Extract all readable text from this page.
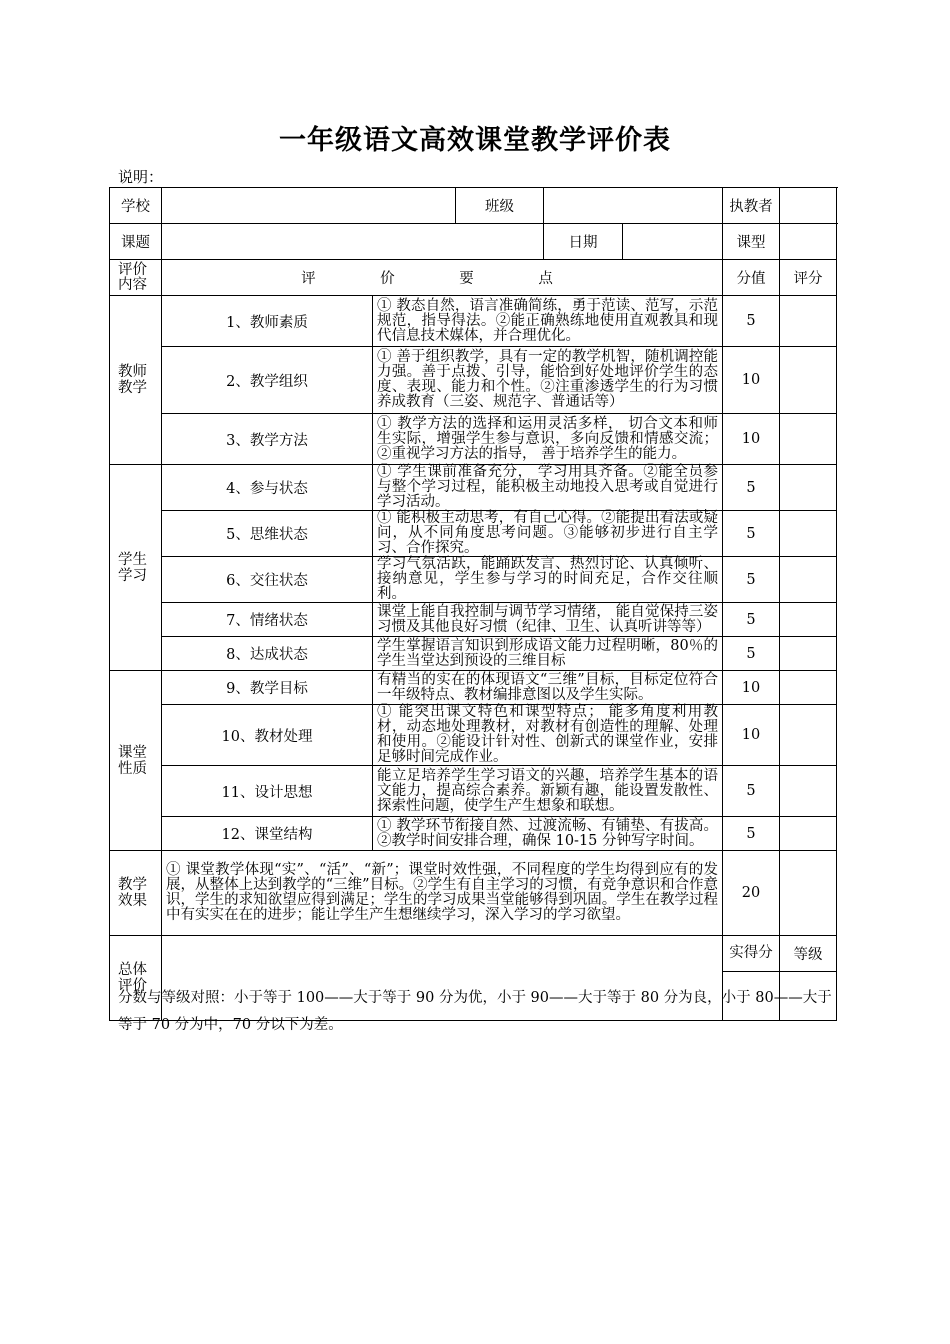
一年级语文高效课堂教学评价表
说明：
学校			班级			执教者	
课题				日期		课型	
评价内容	评 价 要 点					分值	评分
教师教学	1、教师素质	① 教态自然，语言准确简练，勇于范读、范写，示范规范，指导得法。②能正确熟练地使用直观教具和现代信息技术媒体，并合理优化。				5	
	2、教学组织	① 善于组织教学，具有一定的教学机智，随机调控能力强。善于点拨、引导，能恰到好处地评价学生的态度、表现、能力和个性。②注重渗透学生的行为习惯养成教育（三姿、规范字、普通话等）				10	
	3、教学方法	① 教学方法的选择和运用灵活多样， 切合文本和师生实际，增强学生参与意识，多向反馈和情感交流；②重视学习方法的指导， 善于培养学生的能力。				10	
学生学习	4、参与状态	① 学生课前准备充分， 学习用具齐备。②能全员参与整个学习过程，能积极主动地投入思考或自觉进行学习活动。				5	
	5、思维状态	① 能积极主动思考，有自己心得。②能提出看法或疑问，从不同角度思考问题。③能够初步进行自主学习、合作探究。				5	
	6、交往状态	学习气氛活跃，能踊跃发言、热烈讨论、认真倾听、接纳意见，学生参与学习的时间充足，合作交往顺利。				5	
	7、情绪状态	课堂上能自我控制与调节学习情绪， 能自觉保持三姿习惯及其他良好习惯（纪律、卫生、认真听讲等等）				5	
	8、达成状态	学生掌握语言知识到形成语文能力过程明晰，80％的学生当堂达到预设的三维目标				5	
课堂性质	9、教学目标	有精当的实在的体现语文“三维”目标，目标定位符合一年级特点、教材编排意图以及学生实际。				10	
	10、教材处理	① 能突出课文特色和课型特点； 能多角度利用教材，动态地处理教材，对教材有创造性的理解、处理和使用。②能设计针对性、创新式的课堂作业，安排足够时间完成作业。				10	
	11、设计思想	能立足培养学生学习语文的兴趣，培养学生基本的语文能力，提高综合素养。新颖有趣，能设置发散性、探索性问题，使学生产生想象和联想。				5	
	12、课堂结构	① 教学环节衔接自然、过渡流畅、有铺垫、有拔高。②教学时间安排合理，确保 10-15 分钟写字时间。				5	
教学效果	① 课堂教学体现“实”、“活”、“新”；课堂时效性强，不同程度的学生均得到应有的发展，从整体上达到教学的“三维”目标。②学生有自主学习的习惯，有竞争意识和合作意识，学生的求知欲望应得到满足；学生的学习成果当堂能够得到巩固。学生在教学过程中有实实在在的进步；能让学生产生想继续学习，深入学习的学习欲望。					20	
总体评价						实得分	等级

分数与等级对照：小于等于 100——大于等于 90 分为优，小于 90——大于等于 80 分为良，小于 80——大于等于 70 分为中，70 分以下为差。
